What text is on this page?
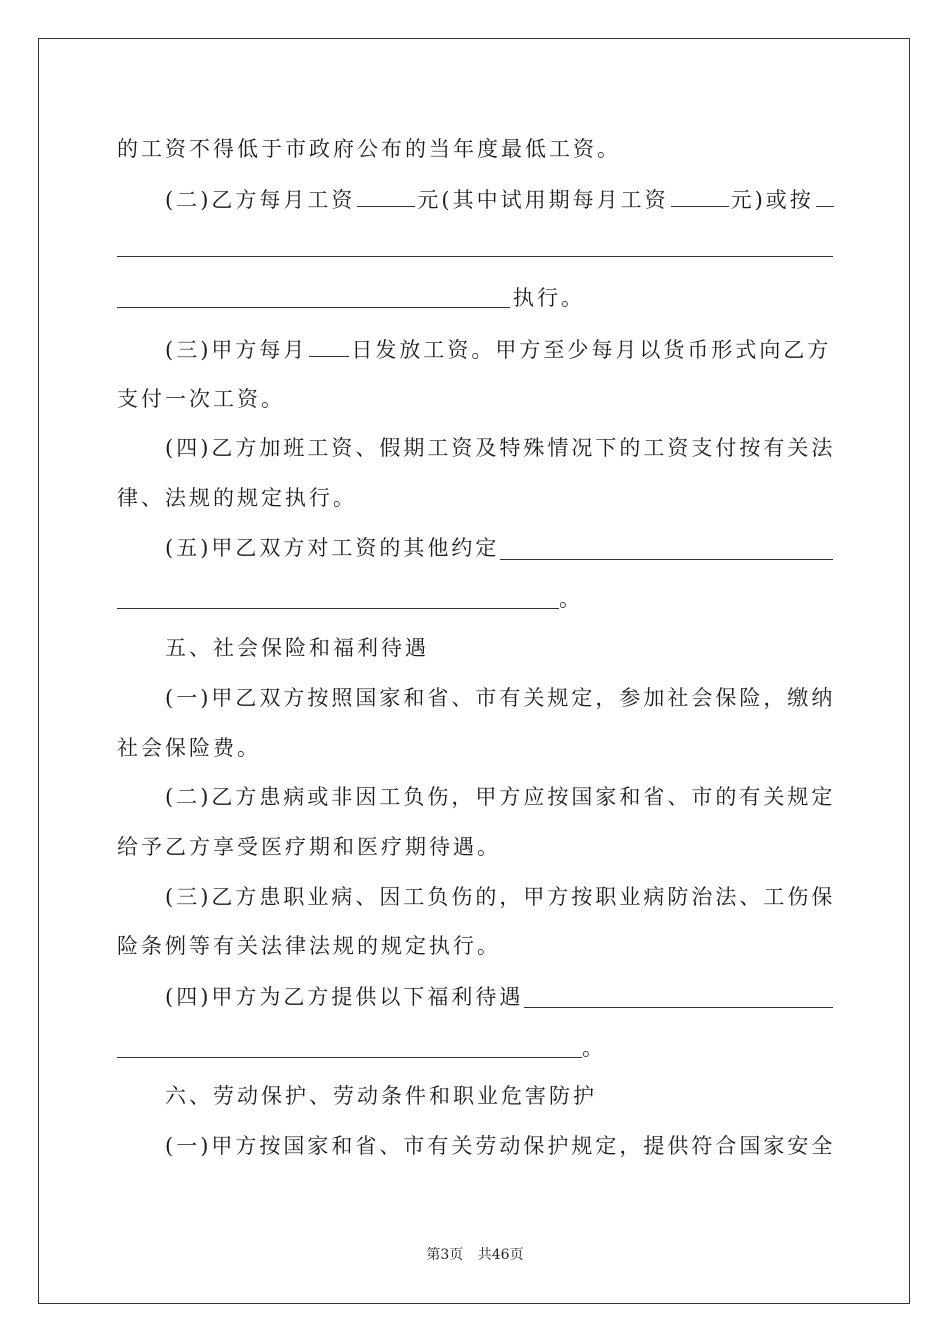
的工资不得低于市政府公布的当年度最低工资。
(二)乙方每月工资	元(其中试用期每月工资	元)或按
执行。
(三)甲方每月 日发放工资。甲方至少每月以货币形式向乙方
支付一次工资。
(四)乙方加班工资、假期工资及特殊情况下的工资支付按有关法
律、法规的规定执行。
(五)甲乙双方对工资的其他约定
。
五、社会保险和福利待遇
(一)甲乙双方按照国家和省、市有关规定，参加社会保险，缴纳
社会保险费。
(二)乙方患病或非因工负伤，甲方应按国家和省、市的有关规定
给予乙方享受医疗期和医疗期待遇。
(三)乙方患职业病、因工负伤的，甲方按职业病防治法、工伤保
险条例等有关法律法规的规定执行。
(四)甲方为乙方提供以下福利待遇
。
六、劳动保护、劳动条件和职业危害防护
(一)甲方按国家和省、市有关劳动保护规定，提供符合国家安全
第3页 共46页
